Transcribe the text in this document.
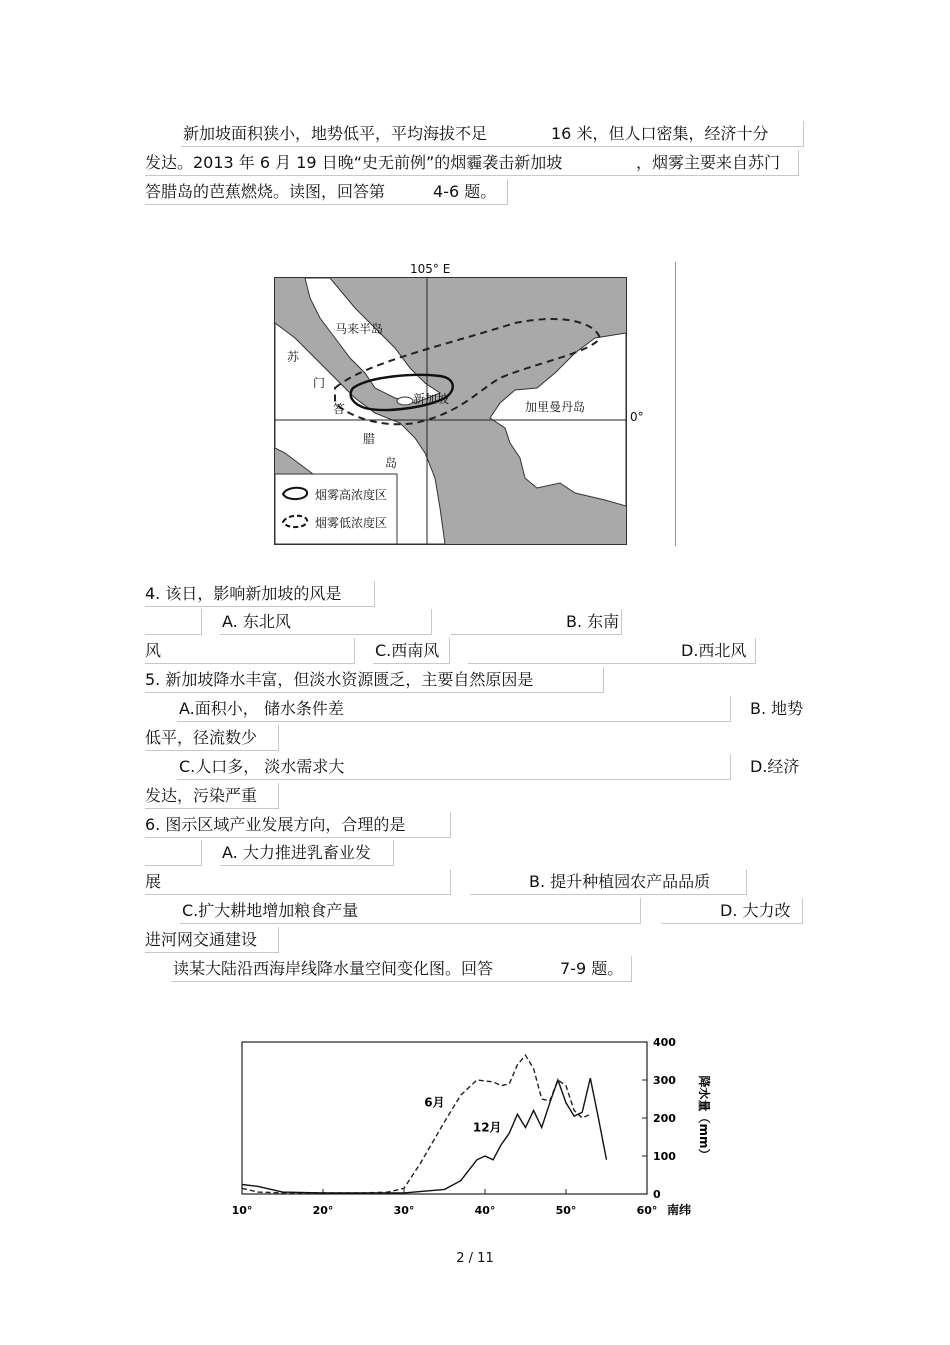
新加坡面积狭小，地势低平，平均海拔不足	16 米，但人口密集，经济十分
发达。2013 年 6 月 19 日晚“史无前例”的烟霾袭击新加坡	，烟雾主要来自苏门
答腊岛的芭蕉燃烧。读图，回答第	4-6 题。
105° E
马来半岛
苏
门
答
腊
岛
新加坡
加里曼丹岛
烟雾高浓度区
烟雾低浓度区
0°
4. 该日，影响新加坡的风是
A. 东北风	B. 东南
风	C.西南风	D.西北风
5. 新加坡降水丰富，但淡水资源匮乏，主要自然原因是
A.面积小， 储水条件差	B. 地势
低平，径流数少
C.人口多， 淡水需求大	D.经济
发达，污染严重
6. 图示区域产业发展方向，合理的是
A. 大力推进乳畜业发
展	B. 提升种植园农产品品质
C.扩大耕地增加粮食产量	D. 大力改
进河网交通建设
读某大陆沿西海岸线降水量空间变化图。回答	7-9 题。
0
100
200
300
400
10°	20°	30°	40°	50°	60°
6月
12月
南纬
降水量（mm）
2 / 11
